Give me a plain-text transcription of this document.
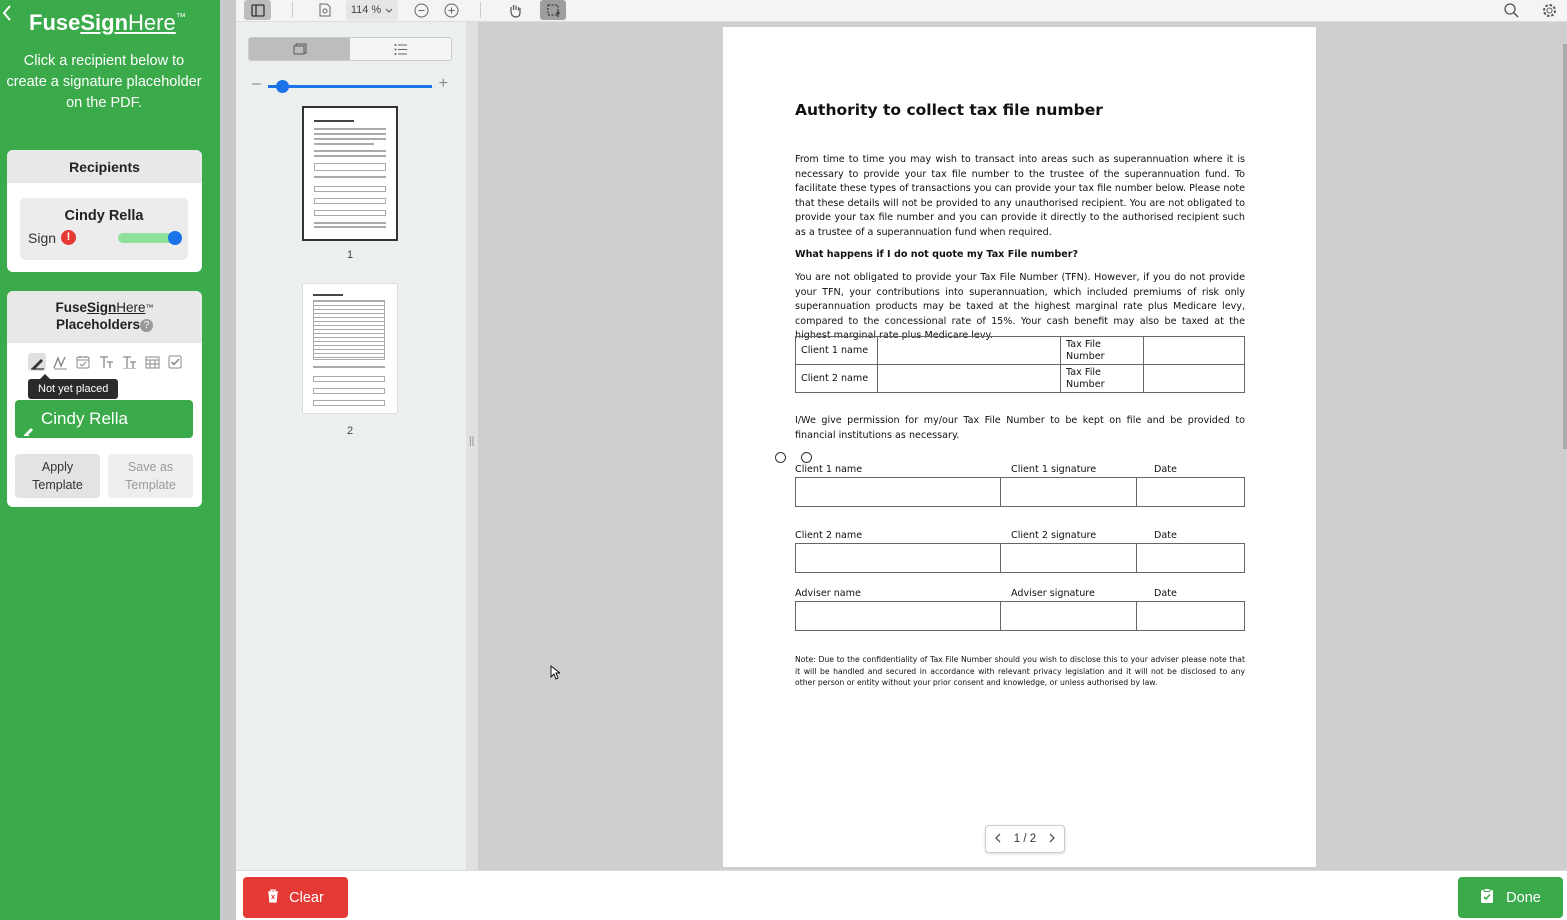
FuseSignHere™
Click a recipient below to create a signature placeholder on the PDF.
Recipients
Cindy Rella
Sign !
FuseSignHere™
Placeholders ?
Not yet placed
Cindy Rella
Apply Template
Save as Template
114 %
–	+
1
2
||
Authority to collect tax file number
From time to time you may wish to transact into areas such as superannuation where it is necessary to provide your tax file number to the trustee of the superannuation fund. To facilitate these types of transactions you can provide your tax file number below. Please note that these details will not be provided to any unauthorised recipient. You are not obligated to provide your tax file number and you can provide it directly to the authorised recipient such as a trustee of a superannuation fund when required.
What happens if I do not quote my Tax File number?
You are not obligated to provide your Tax File Number (TFN). However, if you do not provide your TFN, your contributions into superannuation, which included premiums of risk only superannuation products may be taxed at the highest marginal rate plus Medicare levy, compared to the concessional rate of 15%. Your cash benefit may also be taxed at the highest marginal rate plus Medicare levy.
Client 1 name		Tax File Number	
Client 2 name		Tax File Number	
I/We give permission for my/our Tax File Number to be kept on file and be provided to financial institutions as necessary.
Client 1 name	Client 1 signature	Date
Client 2 name	Client 2 signature	Date
Adviser name	Adviser signature	Date
Note: Due to the confidentiality of Tax File Number should you wish to disclose this to your adviser please note that it will be handled and secured in accordance with relevant privacy legislation and it will not be disclosed to any other person or entity without your prior consent and knowledge, or unless authorised by law.
1 / 2
Clear	Done
